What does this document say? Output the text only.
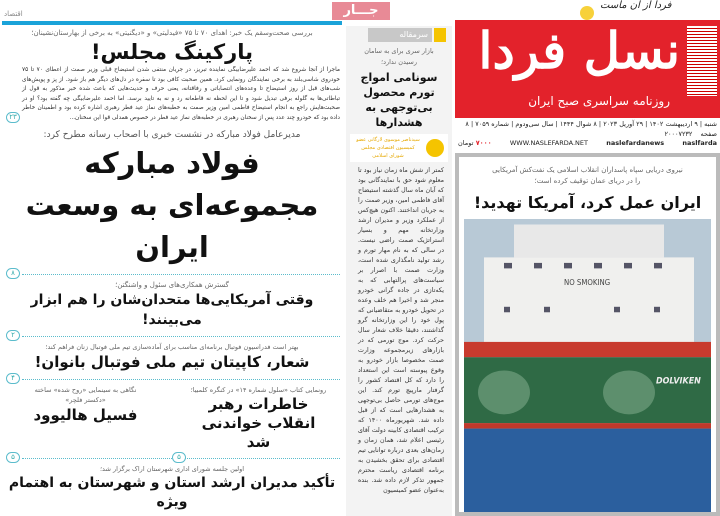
جـــار
اقتصاد
بررسی صحت‌وسقم یک خبر: اهدای ۷۰ تا ۷۵ «فیدلیتی» و «دیگنیتی» به برخی از بهارستان‌نشینان؛
پارکینگ مجلس!
ماجرا از آنجا شروع شد که احمد علیرضابیگی نماینده تبریز، در جریان منتفی شدن استیضاح قبلی وزیر صمت از اعطای ۷۰ تا ۷۵ خودروی شاسی‌بلند به برخی نمایندگان رونمایی کرد. همین صحبت کافی بود تا سفره در دل‌های دیگر هم باز شود. از پز و پویش‌های شب‌های قبل از روز استیضاح تا وعده‌های انتصاباتی و رفاقتانه، یعنی حرف و حدیث‌هایی که باعث شده خبر مذکور به قول از تباطاتی‌ها به گلوله برفی تبدیل شود و تا این لحظه نه قاطعانه رد و نه به تایید برسد. اما احمد علیرضابیگی چه گفته بود؟ او در صحبت‌هایش راجع به انجام استیضاح فاطمی امین وزیر صمت به خطبه‌های نماز عید فطر رهبری اشاره کرده بود و اطمینان خاطر داده بود که خودرو چند عدد پس از سخنان رهبری در خطبه‌های نماز عید فطر در خصوص همدلی قوا این سخنان...
۲۳
مدیرعامل فولاد مبارکه در نشست خبری با اصحاب رسانه مطرح کرد:
فولاد مبارکه مجموعه‌ای به وسعت ایران
۸
گسترش همکاری‌های سئول و واشنگتن؛
وقتی آمریکایی‌ها متحدان‌شان را هم ابزار می‌بینند!
۲
بهتر است فدراسیون فوتبال برنامه‌ای مناسب برای آماده‌سازی تیم ملی فوتبال زنان فراهم کند؛
شعار، کاپیتان تیم ملی فوتبال بانوان!
۴
رونمایی کتاب «سلول شماره ۱۴» در کنگره کلمبیا؛
خاطرات رهبر انقلاب خواندنی شد
نگاهی به سینمایی «روح شده» ساخته «دکستر فلچر»
فسیل هالیوود
۵	۵
اولین جلسه شورای اداری شهرستان اراک برگزار شد؛
تأکید مدیران ارشد استان و شهرستان به اهتمام ویژه
سرمقاله
بازار سری برای به سامان رسیدن ندارد؛
سونامی امواج تورم محصول بی‌توجهی به هشدارها
سیدناصر موسوی لارگانی عضو کمیسیون اقتصادی مجلس شورای اسلامی
کمتر از شش ماه زمان نیاز بود تا معلوم شود حق با نمایندگانی بود که آبان ماه سال گذشته استیضاح آقای فاطمی امین، وزیر صمت را به جریان انداختند. اکنون هیچ‌کس از عملکرد وزیر و مدیران ارشد وزارتخانه مهم و بسیار استراتژیک صمت راضی نیست. در سالی که به نام مهار تورم و رشد تولید نامگذاری شده است، وزارت صمت با اصرار بر سیاست‌های پرالتهابی که به یکه‌تازی در جاده گرانی خودرو منجر شد و اخیرا هم خلف وعده در تحویل خودرو به متقاضیانی که پول خود را این وزارتخانه گرو گذاشتند، دقیقا خلاف شعار سال حرکت کرد. موج تورمی که در بازارهای زیرمجموعه وزارت صمت مخصوصا بازار خودرو به وقوع پیوسته است این استعداد را دارد که کل اقتصاد کشور را گرفتار مارپیچ تورم کند. این موج‌های تورمی حاصل بی‌توجهی به هشدارهایی است که از قبل داده شد. شهریورماه ۱۴۰۰ که ترکیب اقتصادی کابینه دولت آقای رئیسی اعلام شد، همان زمان و زمان‌های بعدی درباره توانایی تیم اقتصادی برای تحقق بخشیدن به برنامه اقتصادی ریاست محترم جمهور تذکر لازم داده شد. بنده به‌عنوان عضو کمیسیون
فردا از آن ماست
نسل فردا
روزنامه سراسری صبح ایران
شنبه | ۹ اردیبهشت ۱۴۰۲ | ۲۹ آوریل ۲۰۲۳ | ۸ شوال ۱۴۴۴ | سال سی‌ودوم | شماره ۷۰۵۹ | ۸ صفحه ۲۰۰۰۷۲۳۲
naslfarda
naslefardanews
WWW.NASLEFARDA.NET
۷۰۰۰ تومان
نیروی دریایی سپاه پاسداران انقلاب اسلامی یک نفت‌کش آمریکایی را در دریای عمان توقیف کرده است؛
ایران عمل کرد، آمریکا تهدید!
NO SMOKING
DOLVIKEN
